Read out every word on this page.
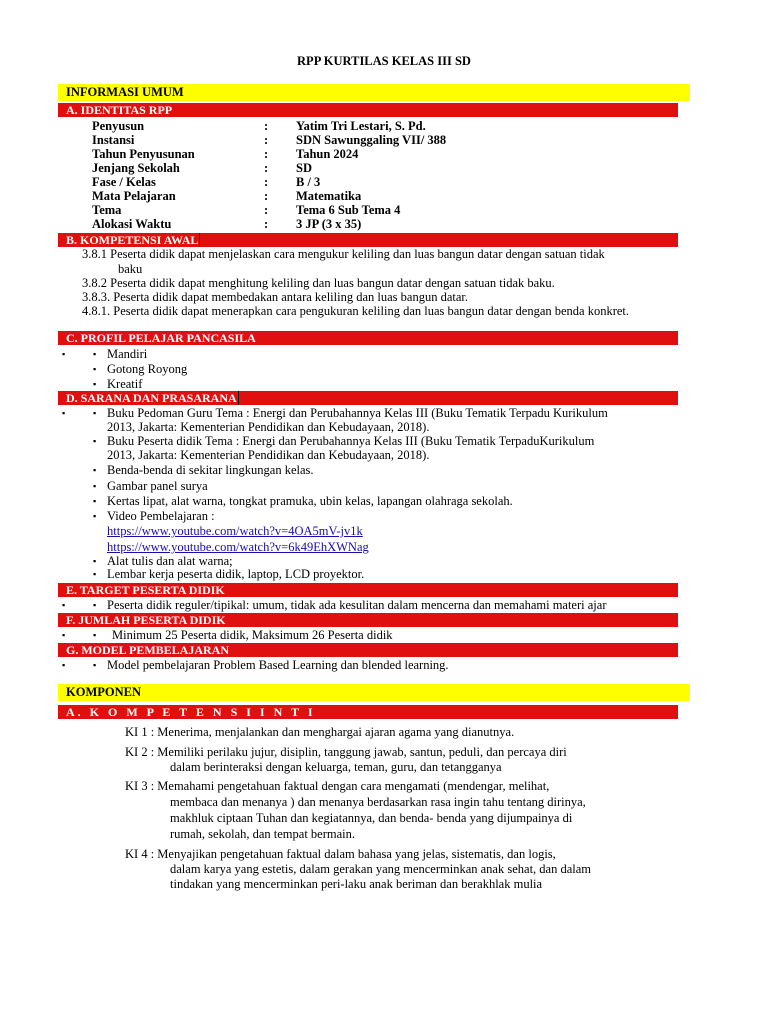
RPP KURTILAS KELAS III SD
INFORMASI UMUM
A. IDENTITAS RPP
Penyusun	: Yatim Tri Lestari, S. Pd.
Instansi	: SDN Sawunggaling VII/ 388
Tahun Penyusunan	: Tahun 2024
Jenjang Sekolah	: SD
Fase / Kelas	: B / 3
Mata Pelajaran	: Matematika
Tema	: Tema 6 Sub Tema 4
Alokasi Waktu	: 3 JP (3 x 35)
B. KOMPETENSI AWAL
3.8.1 Peserta didik dapat menjelaskan cara mengukur keliling dan luas bangun datar dengan satuan tidak
baku
3.8.2 Peserta didik dapat menghitung keliling dan luas bangun datar dengan satuan tidak baku.
3.8.3. Peserta didik dapat membedakan antara keliling dan luas bangun datar.
4.8.1. Peserta didik dapat menerapkan cara pengukuran keliling dan luas bangun datar dengan benda konkret.
C. PROFIL PELAJAR PANCASILA
▪	▪ Mandiri
▪ Gotong Royong
▪ Kreatif
D. SARANA DAN PRASARANA
▪	▪ Buku Pedoman Guru Tema : Energi dan Perubahannya Kelas III (Buku Tematik Terpadu Kurikulum
2013, Jakarta: Kementerian Pendidikan dan Kebudayaan, 2018).
▪ Buku Peserta didik Tema : Energi dan Perubahannya Kelas III (Buku Tematik TerpaduKurikulum
2013, Jakarta: Kementerian Pendidikan dan Kebudayaan, 2018).
▪ Benda-benda di sekitar lingkungan kelas.
▪ Gambar panel surya
▪ Kertas lipat, alat warna, tongkat pramuka, ubin kelas, lapangan olahraga sekolah.
▪ Video Pembelajaran :
https://www.youtube.com/watch?v=4OA5mV-jv1k
https://www.youtube.com/watch?v=6k49EhXWNag
▪ Alat tulis dan alat warna;
▪ Lembar kerja peserta didik, laptop, LCD proyektor.
E. TARGET PESERTA DIDIK
▪	▪ Peserta didik reguler/tipikal: umum, tidak ada kesulitan dalam mencerna dan memahami materi ajar
F. JUMLAH PESERTA DIDIK
▪	▪ Minimum 25 Peserta didik, Maksimum 26 Peserta didik
G. MODEL PEMBELAJARAN
▪	▪ Model pembelajaran Problem Based Learning dan blended learning.
KOMPONEN
A. K O M P E T E N S I I N T I
KI 1 : Menerima, menjalankan dan menghargai ajaran agama yang dianutnya.
KI 2 : Memiliki perilaku jujur, disiplin, tanggung jawab, santun, peduli, dan percaya diri
dalam berinteraksi dengan keluarga, teman, guru, dan tetangganya
KI 3 : Memahami pengetahuan faktual dengan cara mengamati (mendengar, melihat,
membaca dan menanya ) dan menanya berdasarkan rasa ingin tahu tentang dirinya,
makhluk ciptaan Tuhan dan kegiatannya, dan benda- benda yang dijumpainya di
rumah, sekolah, dan tempat bermain.
KI 4 : Menyajikan pengetahuan faktual dalam bahasa yang jelas, sistematis, dan logis,
dalam karya yang estetis, dalam gerakan yang mencerminkan anak sehat, dan dalam
tindakan yang mencerminkan peri-laku anak beriman dan berakhlak mulia
